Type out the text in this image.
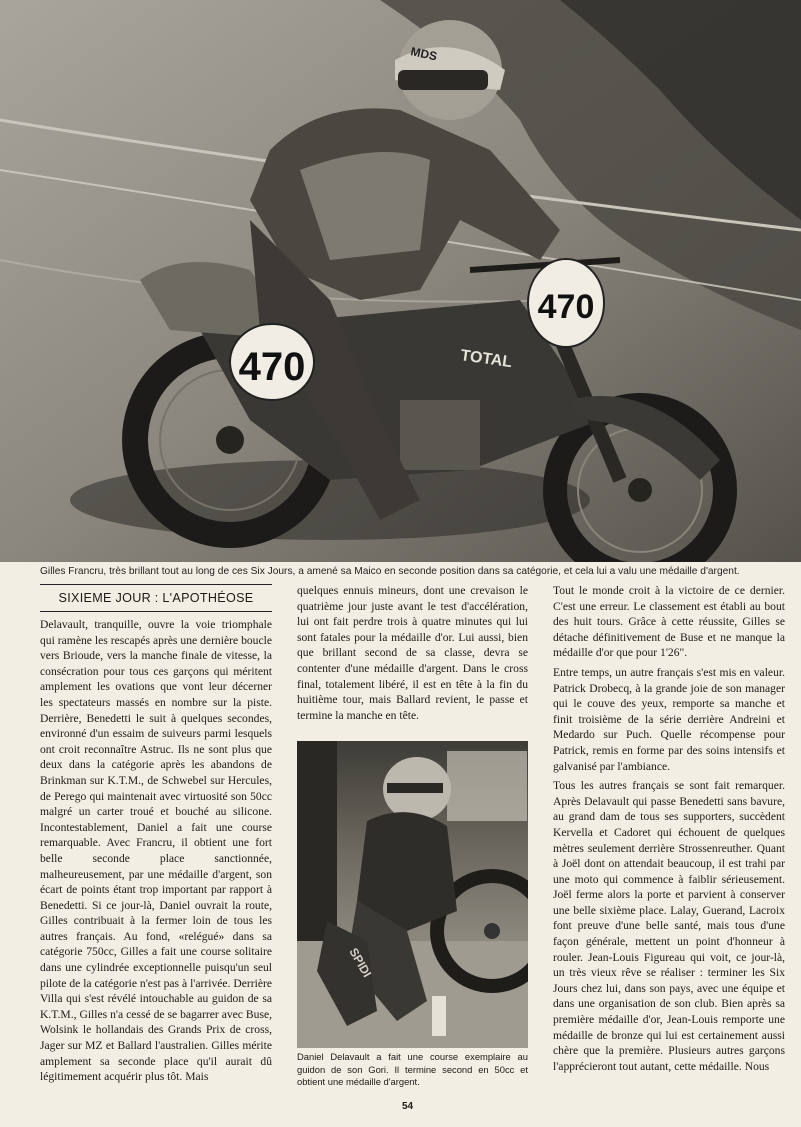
470
470
TOTAL
MDS
Gilles Francru, très brillant tout au long de ces Six Jours, a amené sa Maico en seconde position dans sa catégorie, et cela lui a valu une médaille d'argent.
SIXIEME JOUR : L'APOTHÉOSE

Delavault, tranquille, ouvre la voie triomphale qui ramène les rescapés après une dernière boucle vers Brioude, vers la manche finale de vitesse, la consécration pour tous ces garçons qui méritent amplement les ovations que vont leur décerner les spectateurs massés en nombre sur la piste. Derrière, Benedetti le suit à quelques secondes, environné d'un essaim de suiveurs parmi lesquels ont croit reconnaître Astruc. Ils ne sont plus que deux dans la catégorie après les abandons de Brinkman sur K.T.M., de Schwebel sur Hercules, de Perego qui maintenait avec virtuosité son 50cc malgré un carter troué et bouché au silicone. Incontestablement, Daniel a fait une course remarquable. Avec Francru, il obtient une fort belle seconde place sanctionnée, malheureusement, par une médaille d'argent, son écart de points étant trop important par rapport à Benedetti. Si ce jour-là, Daniel ouvrait la route, Gilles contribuait à la fermer loin de tous les autres français. Au fond, «relégué» dans sa catégorie 750cc, Gilles a fait une course solitaire dans une cylindrée exceptionnelle puisqu'un seul pilote de la catégorie n'est pas à l'arrivée. Derrière Villa qui s'est révélé intouchable au guidon de sa K.T.M., Gilles n'a cessé de se bagarrer avec Buse, Wolsink le hollandais des Grands Prix de cross, Jager sur MZ et Ballard l'australien. Gilles mérite amplement sa seconde place qu'il aurait dû légitimement acquérir plus tôt. Mais

quelques ennuis mineurs, dont une crevaison le quatrième jour juste avant le test d'accélération, lui ont fait perdre trois à quatre minutes qui lui sont fatales pour la médaille d'or. Lui aussi, bien que brillant second de sa classe, devra se contenter d'une médaille d'argent. Dans le cross final, totalement libéré, il est en tête à la fin du huitième tour, mais Ballard revient, le passe et termine la manche en tête.

SPIDI
Daniel Delavault a fait une course exemplaire au guidon de son Gori. Il termine second en 50cc et obtient une médaille d'argent.

Tout le monde croit à la victoire de ce dernier. C'est une erreur. Le classement est établi au bout des huit tours. Grâce à cette réussite, Gilles se détache définitivement de Buse et ne manque la médaille d'or que pour 1'26".

Entre temps, un autre français s'est mis en valeur. Patrick Drobecq, à la grande joie de son manager qui le couve des yeux, remporte sa manche et finit troisième de la série derrière Andreini et Medardo sur Puch. Quelle récompense pour Patrick, remis en forme par des soins intensifs et galvanisé par l'ambiance.

Tous les autres français se sont fait remarquer. Après Delavault qui passe Benedetti sans bavure, au grand dam de tous ses supporters, succèdent Kervella et Cadoret qui échouent de quelques mètres seulement derrière Strossenreuther. Quant à Joël dont on attendait beaucoup, il est trahi par une moto qui commence à faiblir sérieusement. Joël ferme alors la porte et parvient à conserver une belle sixième place. Lalay, Guerand, Lacroix font preuve d'une belle santé, mais tous d'une façon générale, mettent un point d'honneur à rouler. Jean-Louis Figureau qui voit, ce jour-là, un très vieux rêve se réaliser : terminer les Six Jours chez lui, dans son pays, avec une équipe et dans une organisation de son club. Bien après sa première médaille d'or, Jean-Louis remporte une médaille de bronze qui lui est certainement aussi chère que la première. Plusieurs autres garçons l'apprécieront tout autant, cette médaille. Nous

54
